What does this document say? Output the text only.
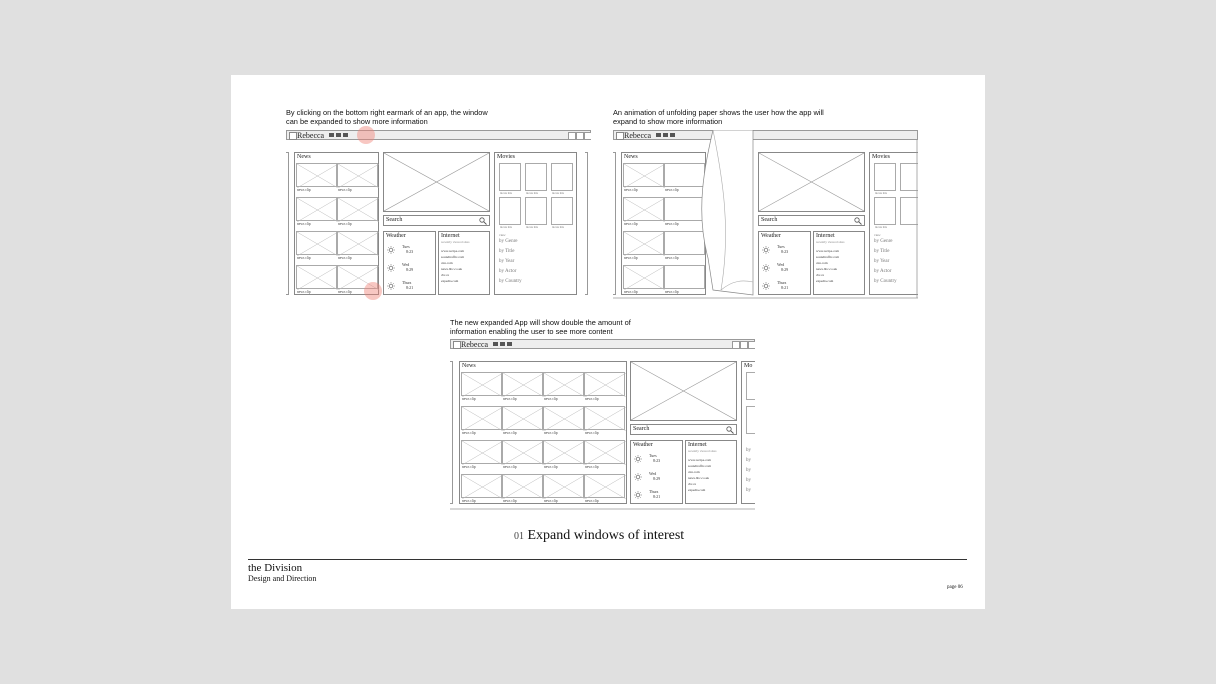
By clicking on the bottom right earmark of an app, the window can be expanded to show more information

Rebecca
News
news clip	news clip
news clip	news clip
news clip	news clip
news clip	news clip
Search
Weather
Tues
8:23
Wed
8:29
Thurs
8:21
Internet
recently viewed sites
www.recipe.com
soundtraffic.com
cnn.com
news.bbc.co.uk
cbr.ca
expedia.com
Movies
movie title	movie title	movie title
movie title	movie title	movie title
view
by Genre
by Title
by Year
by Actor
by Country

An animation of unfolding paper shows the user how the app will expand to show more information

Rebecca
News
news clip	news clip
news clip	news clip
news clip	news clip
news clip	news clip
Search
Weather
Tues
8:23
Wed
8:29
Thurs
8:21
Internet
recently viewed sites
www.recipe.com
soundtraffic.com
cnn.com
news.bbc.co.uk
cbr.ca
expedia.com
Movies
movie title
movie title
view
by Genre
by Title
by Year
by Actor
by Country

The new expanded App will show double the amount of information enabling the user to see more content

Rebecca
News
news clip	news clip	news clip	news clip
news clip	news clip	news clip	news clip
news clip	news clip	news clip	news clip
news clip	news clip	news clip	news clip
Search
Weather
Tues
8:23
Wed
8:29
Thurs
8:21
Internet
recently viewed sites
www.recipe.com
soundtraffic.com
cnn.com
news.bbc.co.uk
cbr.ca
expedia.com
Mo
by
by
by
by
by
01 Expand windows of interest
the Division
Design and Direction
page 06
